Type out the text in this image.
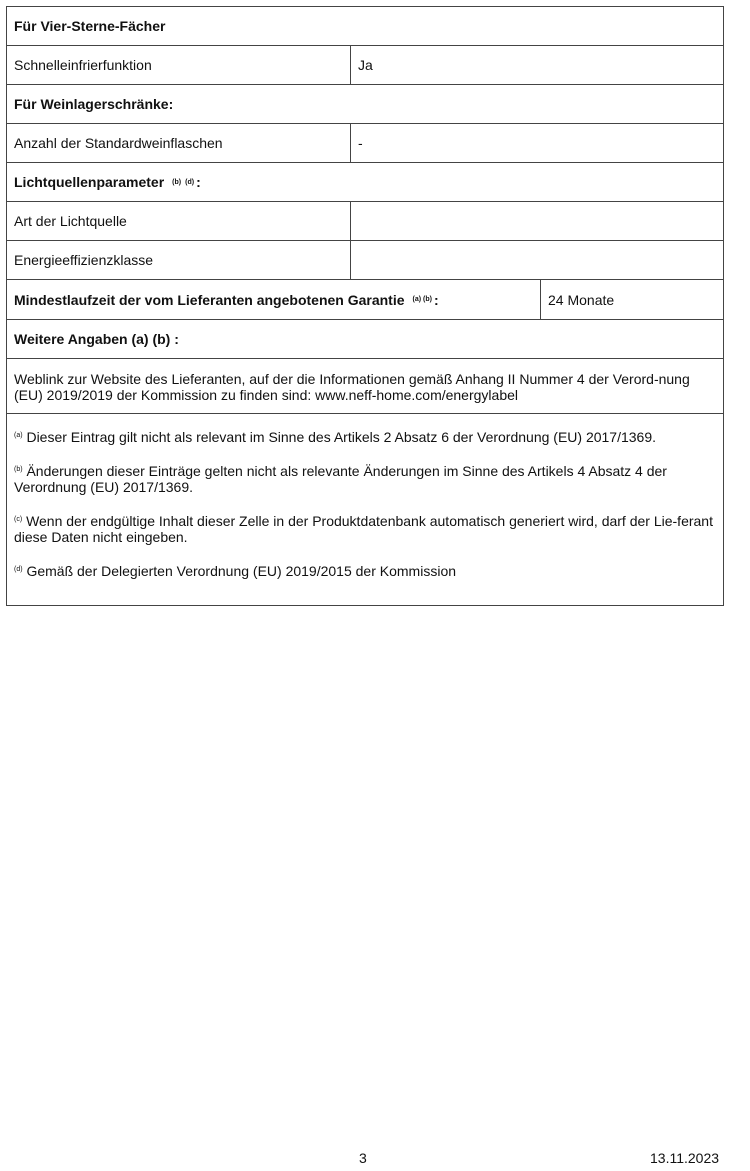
Für Vier-Sterne-Fächer
Schnelleinfrierfunktion	Ja
Für Weinlagerschränke:
Anzahl der Standardweinflaschen	-
Lichtquellenparameter (b) (d) :
Art der Lichtquelle
Energieeffizienzklasse
Mindestlaufzeit der vom Lieferanten angebotenen Garantie (a) (b) :	24 Monate
Weitere Angaben (a) (b) :
Weblink zur Website des Lieferanten, auf der die Informationen gemäß Anhang II Nummer 4 der Verord-nung (EU) 2019/2019 der Kommission zu finden sind: www.neff-home.com/energylabel
$^{(a)}$ Dieser Eintrag gilt nicht als relevant im Sinne des Artikels 2 Absatz 6 der Verordnung (EU) 2017/1369.
$^{(b)}$ Änderungen dieser Einträge gelten nicht als relevante Änderungen im Sinne des Artikels 4 Absatz 4 der Verordnung (EU) 2017/1369.
$^{(c)}$ Wenn der endgültige Inhalt dieser Zelle in der Produktdatenbank automatisch generiert wird, darf der Lie-ferant diese Daten nicht eingeben.
$^{(d)}$ Gemäß der Delegierten Verordnung (EU) 2019/2015 der Kommission
3	13.11.2023
